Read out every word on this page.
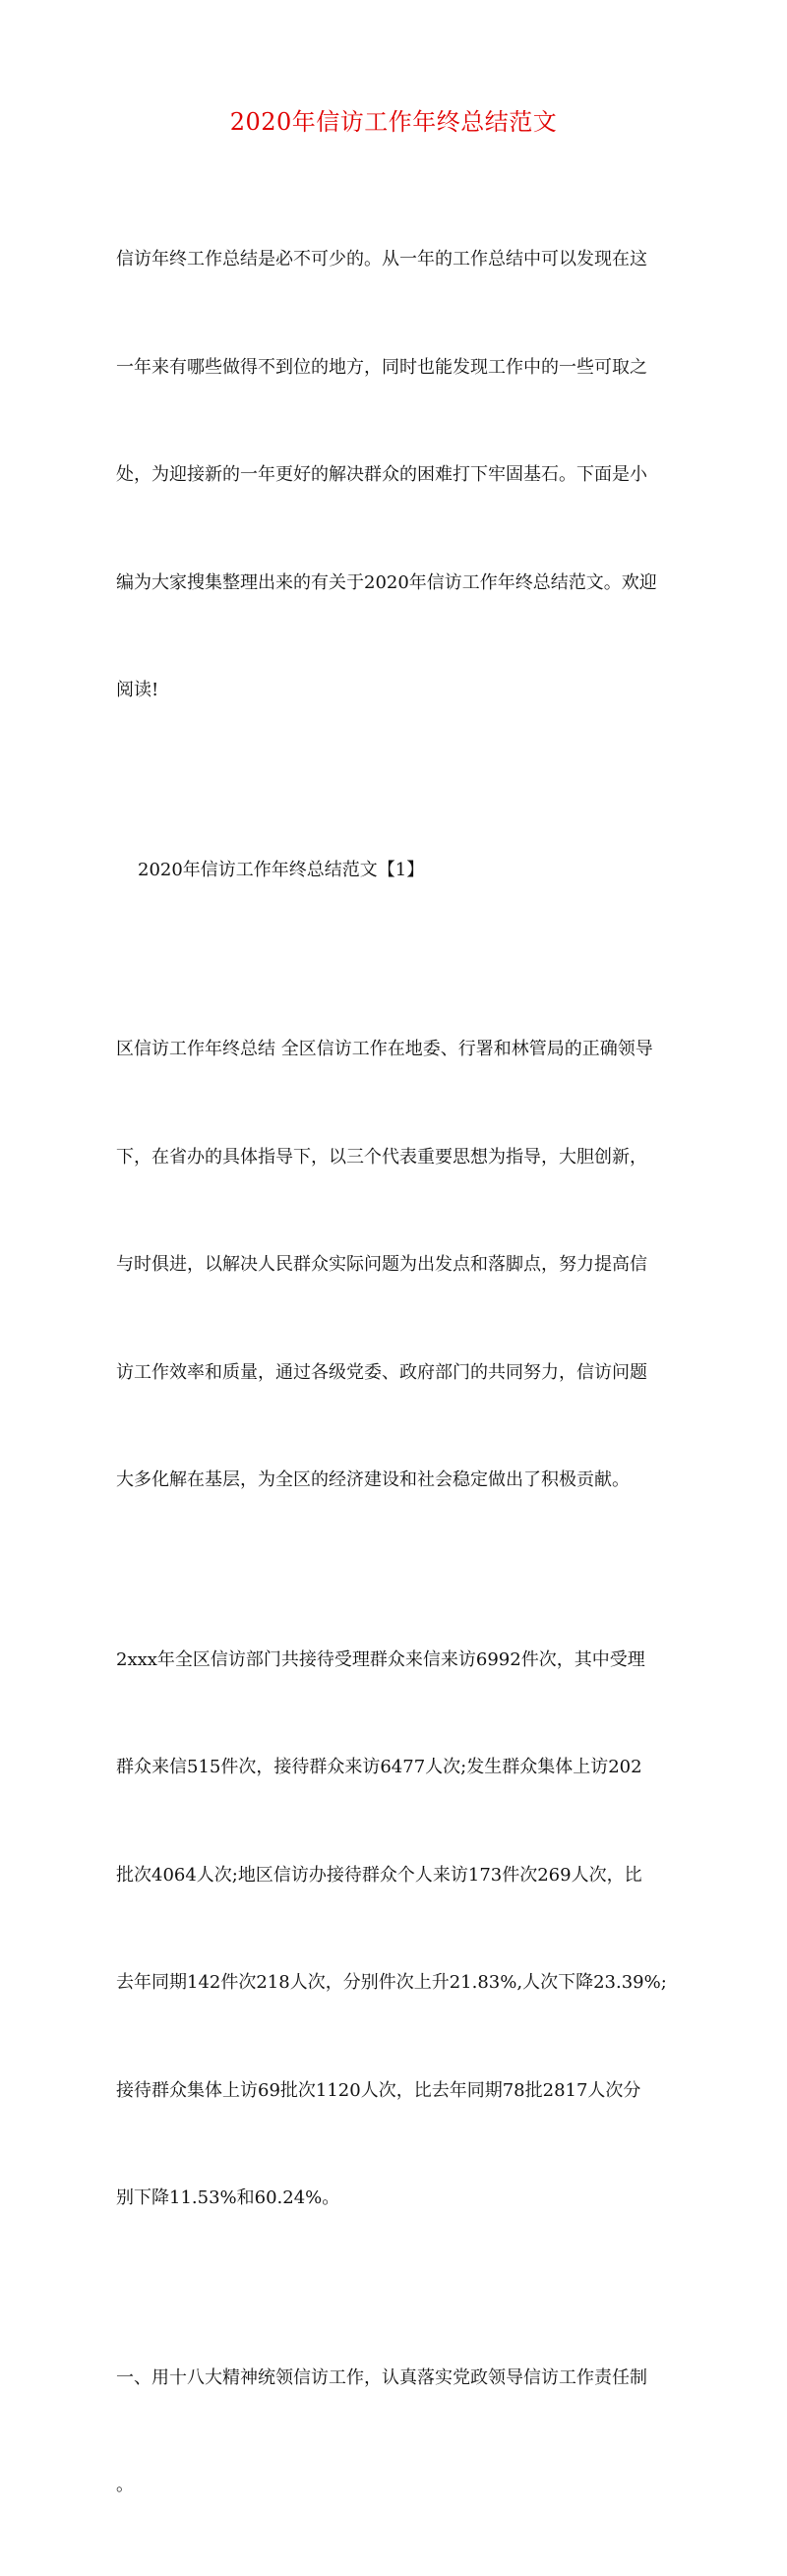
2020年信访工作年终总结范文

信访年终工作总结是必不可少的。从一年的工作总结中可以发现在这

一年来有哪些做得不到位的地方，同时也能发现工作中的一些可取之

处，为迎接新的一年更好的解决群众的困难打下牢固基石。下面是小

编为大家搜集整理出来的有关于2020年信访工作年终总结范文。欢迎

阅读!

2020年信访工作年终总结范文【1】

区信访工作年终总结 全区信访工作在地委、行署和林管局的正确领导

下，在省办的具体指导下，以三个代表重要思想为指导，大胆创新，

与时俱进，以解决人民群众实际问题为出发点和落脚点，努力提高信

访工作效率和质量，通过各级党委、政府部门的共同努力，信访问题

大多化解在基层，为全区的经济建设和社会稳定做出了积极贡献。

2xxx年全区信访部门共接待受理群众来信来访6992件次，其中受理

群众来信515件次，接待群众来访6477人次;发生群众集体上访202

批次4064人次;地区信访办接待群众个人来访173件次269人次，比

去年同期142件次218人次，分别件次上升21.83%,人次下降23.39%;

接待群众集体上访69批次1120人次，比去年同期78批2817人次分

别下降11.53%和60.24%。

一、用十八大精神统领信访工作，认真落实党政领导信访工作责任制

。
